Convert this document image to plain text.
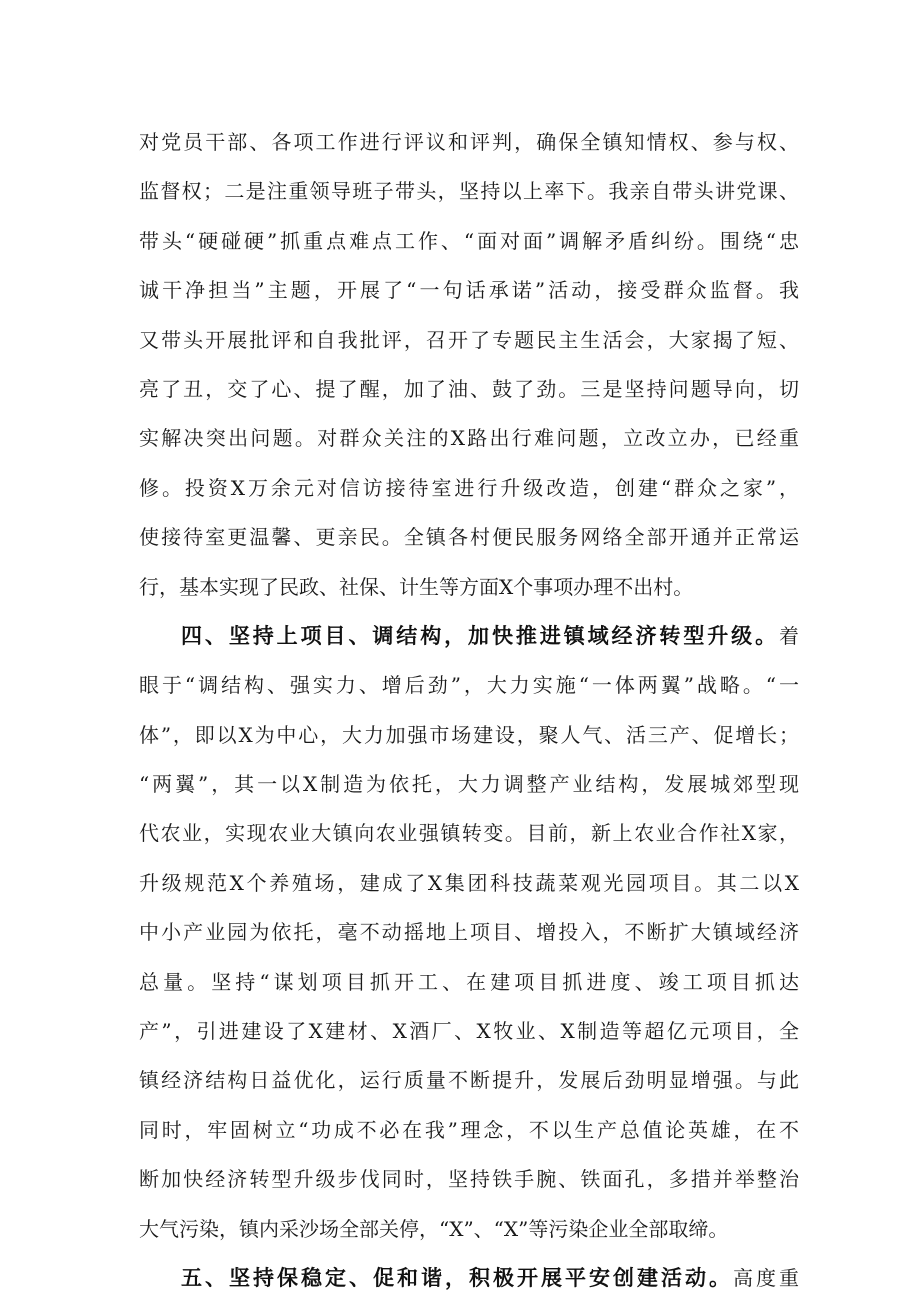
对党员干部、各项工作进行评议和评判，确保全镇知情权、参与权、
监督权；二是注重领导班子带头，坚持以上率下。我亲自带头讲党课、
带头“硬碰硬”抓重点难点工作、“面对面”调解矛盾纠纷。围绕“忠
诚干净担当”主题，开展了“一句话承诺”活动，接受群众监督。我
又带头开展批评和自我批评，召开了专题民主生活会，大家揭了短、
亮了丑，交了心、提了醒，加了油、鼓了劲。三是坚持问题导向，切
实解决突出问题。对群众关注的X路出行难问题，立改立办，已经重
修。投资X万余元对信访接待室进行升级改造，创建“群众之家”，
使接待室更温馨、更亲民。全镇各村便民服务网络全部开通并正常运
行，基本实现了民政、社保、计生等方面X个事项办理不出村。
四、坚持上项目、调结构，加快推进镇域经济转型升级。着
眼于“调结构、强实力、增后劲”，大力实施“一体两翼”战略。“一
体”，即以X为中心，大力加强市场建设，聚人气、活三产、促增长；
“两翼”，其一以X制造为依托，大力调整产业结构，发展城郊型现
代农业，实现农业大镇向农业强镇转变。目前，新上农业合作社X家，
升级规范X个养殖场，建成了X集团科技蔬菜观光园项目。其二以X
中小产业园为依托，毫不动摇地上项目、增投入，不断扩大镇域经济
总量。坚持“谋划项目抓开工、在建项目抓进度、竣工项目抓达
产”，引进建设了X建材、X酒厂、X牧业、X制造等超亿元项目，全
镇经济结构日益优化，运行质量不断提升，发展后劲明显增强。与此
同时，牢固树立“功成不必在我”理念，不以生产总值论英雄，在不
断加快经济转型升级步伐同时，坚持铁手腕、铁面孔，多措并举整治
大气污染，镇内采沙场全部关停，“X”、“X”等污染企业全部取缔。
五、坚持保稳定、促和谐，积极开展平安创建活动。高度重
